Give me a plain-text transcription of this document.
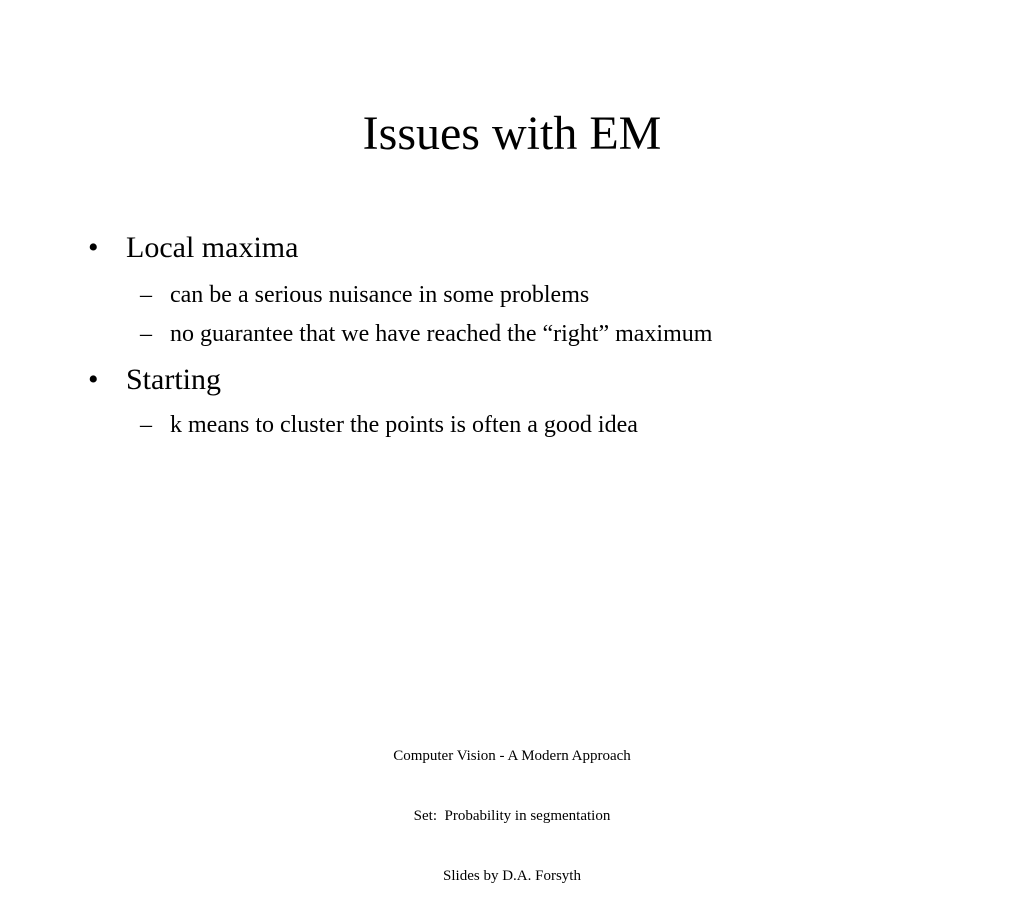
Issues with EM
• Local maxima
– can be a serious nuisance in some problems
– no guarantee that we have reached the “right” maximum
• Starting
– k means to cluster the points is often a good idea

Computer Vision - A Modern Approach

Set:  Probability in segmentation

Slides by D.A. Forsyth
